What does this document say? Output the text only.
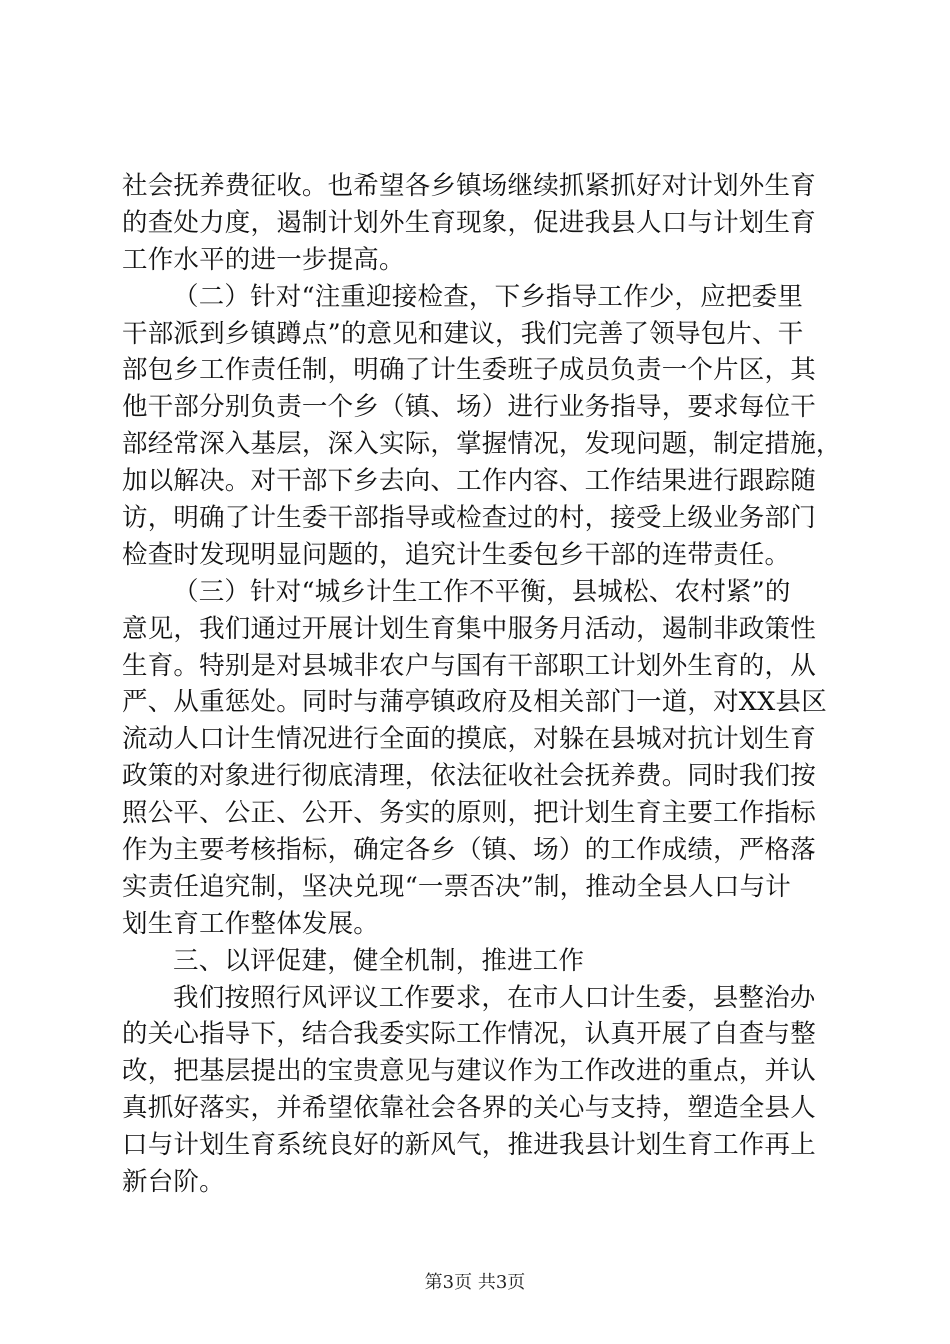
社会抚养费征收。也希望各乡镇场继续抓紧抓好对计划外生育
的查处力度，遏制计划外生育现象，促进我县人口与计划生育
工作水平的进一步提高。
（二）针对“注重迎接检查，下乡指导工作少，应把委里
干部派到乡镇蹲点”的意见和建议，我们完善了领导包片、干
部包乡工作责任制，明确了计生委班子成员负责一个片区，其
他干部分别负责一个乡（镇、场）进行业务指导，要求每位干
部经常深入基层，深入实际，掌握情况，发现问题，制定措施，
加以解决。对干部下乡去向、工作内容、工作结果进行跟踪随
访，明确了计生委干部指导或检查过的村，接受上级业务部门
检查时发现明显问题的，追究计生委包乡干部的连带责任。
（三）针对“城乡计生工作不平衡，县城松、农村紧”的
意见，我们通过开展计划生育集中服务月活动，遏制非政策性
生育。特别是对县城非农户与国有干部职工计划外生育的，从
严、从重惩处。同时与蒲亭镇政府及相关部门一道，对XX县区
流动人口计生情况进行全面的摸底，对躲在县城对抗计划生育
政策的对象进行彻底清理，依法征收社会抚养费。同时我们按
照公平、公正、公开、务实的原则，把计划生育主要工作指标
作为主要考核指标，确定各乡（镇、场）的工作成绩，严格落
实责任追究制，坚决兑现“一票否决”制，推动全县人口与计
划生育工作整体发展。
三、以评促建，健全机制，推进工作
我们按照行风评议工作要求，在市人口计生委，县整治办
的关心指导下，结合我委实际工作情况，认真开展了自查与整
改，把基层提出的宝贵意见与建议作为工作改进的重点，并认
真抓好落实，并希望依靠社会各界的关心与支持，塑造全县人
口与计划生育系统良好的新风气，推进我县计划生育工作再上
新台阶。
第3页 共3页
